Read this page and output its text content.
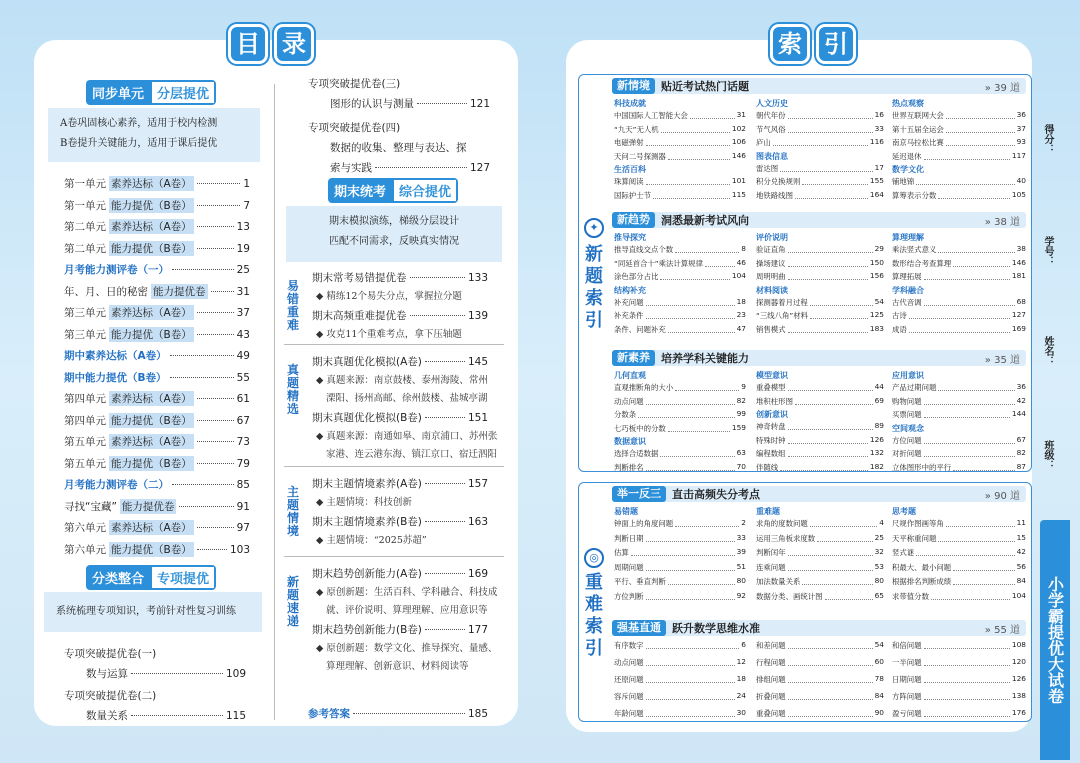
目 录
同步单元	分层提优
A卷巩固核心素养，适用于校内检测
B卷提升关键能力，适用于课后提优
第一单元 素养达标（A卷）	1
第一单元 能力提优（B卷）	7
第二单元 素养达标（A卷）	13
第二单元 能力提优（B卷）	19
月考能力测评卷（一）	25
年、月、日的秘密 能力提优卷	31
第三单元 素养达标（A卷）	37
第三单元 能力提优（B卷）	43
期中素养达标（A卷）	49
期中能力提优（B卷）	55
第四单元 素养达标（A卷）	61
第四单元 能力提优（B卷）	67
第五单元 素养达标（A卷）	73
第五单元 能力提优（B卷）	79
月考能力测评卷（二）	85
寻找“宝藏” 能力提优卷	91
第六单元 素养达标（A卷）	97
第六单元 能力提优（B卷）	103
分类整合	专项提优
系统梳理专项知识，考前针对性复习训练
专项突破提优卷(一)
数与运算	109
专项突破提优卷(二)
数量关系	115
专项突破提优卷(三)
图形的认识与测量	121
专项突破提优卷(四)
数据的收集、整理与表达、探
索与实践	127
期末统考	综合提优
期末模拟演练，梯级分层设计
匹配不同需求，反映真实情况
易
错
重
难
期末常考易错提优卷	133
◆ 精练12个易失分点，掌握拉分题
期末高频重难提优卷	139
◆ 攻克11个重难考点，拿下压轴题
真
题
精
选
期末真题优化模拟(A卷)	145
◆ 真题来源：南京鼓楼、泰州海陵、常州
溧阳、扬州高邮、徐州鼓楼、盐城亭湖
期末真题优化模拟(B卷)	151
◆ 真题来源：南通如皋、南京浦口、苏州张
家港、连云港东海、镇江京口、宿迁泗阳
主
题
情
境
期末主题情境素养(A卷)	157
◆ 主题情境：科技创新
期末主题情境素养(B卷)	163
◆ 主题情境：“2025苏超”
新
题
速
递
期末趋势创新能力(A卷)	169
◆ 原创新题：生活百科、学科融合、科技成
就、评价说明、算理理解、应用意识等
期末趋势创新能力(B卷)	177
◆ 原创新题：数学文化、推导探究、量感、
算理理解、创新意识、材料阅读等
参考答案	185
索 引
✦
新
题
索
引
◎
重
难
索
引
新情境	贴近考试热门话题	» 39 道
科技成就
中国国际人工智能大会	31
“九天”无人机	102
电磁弹射	106
天问二号探测器	146
生活百科
珠算阅读	101
国际护士节	115
人文历史
朝代年份	16
节气风俗	33
庐山	116
图表信息
雷达图	17
积分兑换规则	155
地铁路线图	164
热点观察
世界互联网大会	36
第十五届全运会	37
南京马拉松比赛	93
延迟退休	117
数学文化
铺地锦	40
算筹表示分数	105
新趋势	洞悉最新考试风向	» 38 道
推导探究
推导直线交点个数	8
“同延首合十”乘法计算规律	46
涂色部分占比	104
结构补充
补充问题	18
补充条件	23
条件、问题补充	47
评价说明
验证直角	29
操场建议	150
周明明曲	156
材料阅读
探测器着月过程	54
“三线八角”材料	125
销售模式	183
算理理解
乘法竖式意义	38
数形结合考查算理	146
算理拓展	181
学科融合
古代音调	68
古诗	127
成语	169
新素养	培养学科关键能力	» 35 道
几何直观
直观推断角的大小	9
动点问题	82
分数条	99
七巧板中的分数	159
数据意识
选择合适数据	63
判断排名	70
模型意识
重叠模型	44
堆积柱形图	69
创新意识
神奇转盘	89
特殊时钟	126
编程数组	132
伴随线	182
应用意识
产品过期问题	36
购物问题	42
买票问题	144
空间观念
方位问题	67
对折问题	82
立体图形中的平行	87
举一反三	直击高频失分考点	» 90 道
易错题
钟面上的角度问题	2
判断日期	33
估算	39
周期问题	51
平行、垂直判断	80
方位判断	92
重难题
求角的度数问题	4
运用三角板求度数	25
判断闰年	32
连乘问题	53
加法数量关系	80
数据分类、画统计图	65
思考题
尺规作图画等角	11
天平称重问题	15
竖式谜	42
积最大、最小问题	56
根据排名判断成绩	84
求带值分数	104
强基直通	跃升数学思维水准	» 55 道
有序数字	6
动点问题	12
还原问题	18
容斥问题	24
年龄问题	30
和差问题	54
行程问题	60
排组问题	78
折叠问题	84
重叠问题	90
和倍问题	108
一半问题	120
日期问题	126
方阵问题	138
盈亏问题	176
得分：
学号：
姓名：
班级：
小学霸提优大试卷
